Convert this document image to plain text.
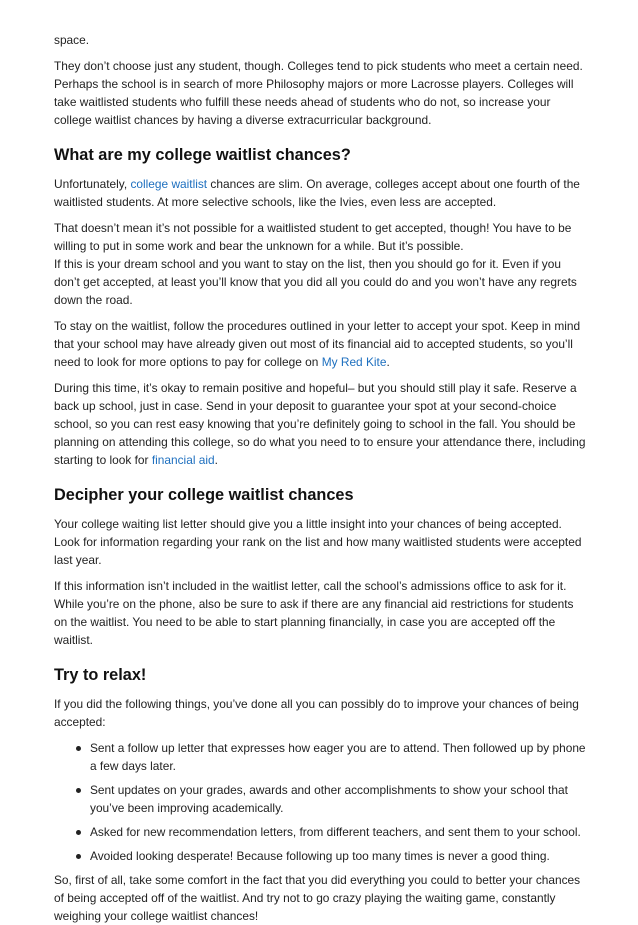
space.

They don’t choose just any student, though. Colleges tend to pick students who meet a certain need. Perhaps the school is in search of more Philosophy majors or more Lacrosse players. Colleges will take waitlisted students who fulfill these needs ahead of students who do not, so increase your college waitlist chances by having a diverse extracurricular background.

What are my college waitlist chances?

Unfortunately, college waitlist chances are slim. On average, colleges accept about one fourth of the waitlisted students. At more selective schools, like the Ivies, even less are accepted.

That doesn’t mean it’s not possible for a waitlisted student to get accepted, though! You have to be willing to put in some work and bear the unknown for a while. But it’s possible.
If this is your dream school and you want to stay on the list, then you should go for it. Even if you don’t get accepted, at least you’ll know that you did all you could do and you won’t have any regrets down the road.

To stay on the waitlist, follow the procedures outlined in your letter to accept your spot. Keep in mind that your school may have already given out most of its financial aid to accepted students, so you’ll need to look for more options to pay for college on My Red Kite.

During this time, it’s okay to remain positive and hopeful– but you should still play it safe. Reserve a back up school, just in case. Send in your deposit to guarantee your spot at your second-choice school, so you can rest easy knowing that you’re definitely going to school in the fall. You should be planning on attending this college, so do what you need to to ensure your attendance there, including starting to look for financial aid.

Decipher your college waitlist chances

Your college waiting list letter should give you a little insight into your chances of being accepted. Look for information regarding your rank on the list and how many waitlisted students were accepted last year.

If this information isn’t included in the waitlist letter, call the school’s admissions office to ask for it. While you’re on the phone, also be sure to ask if there are any financial aid restrictions for students on the waitlist. You need to be able to start planning financially, in case you are accepted off the waitlist.

Try to relax!

If you did the following things, you’ve done all you can possibly do to improve your chances of being accepted:

Sent a follow up letter that expresses how eager you are to attend. Then followed up by phone a few days later.
Sent updates on your grades, awards and other accomplishments to show your school that you’ve been improving academically.
Asked for new recommendation letters, from different teachers, and sent them to your school.
Avoided looking desperate! Because following up too many times is never a good thing.

So, first of all, take some comfort in the fact that you did everything you could to better your chances of being accepted off of the waitlist. And try not to go crazy playing the waiting game, constantly weighing your college waitlist chances!
